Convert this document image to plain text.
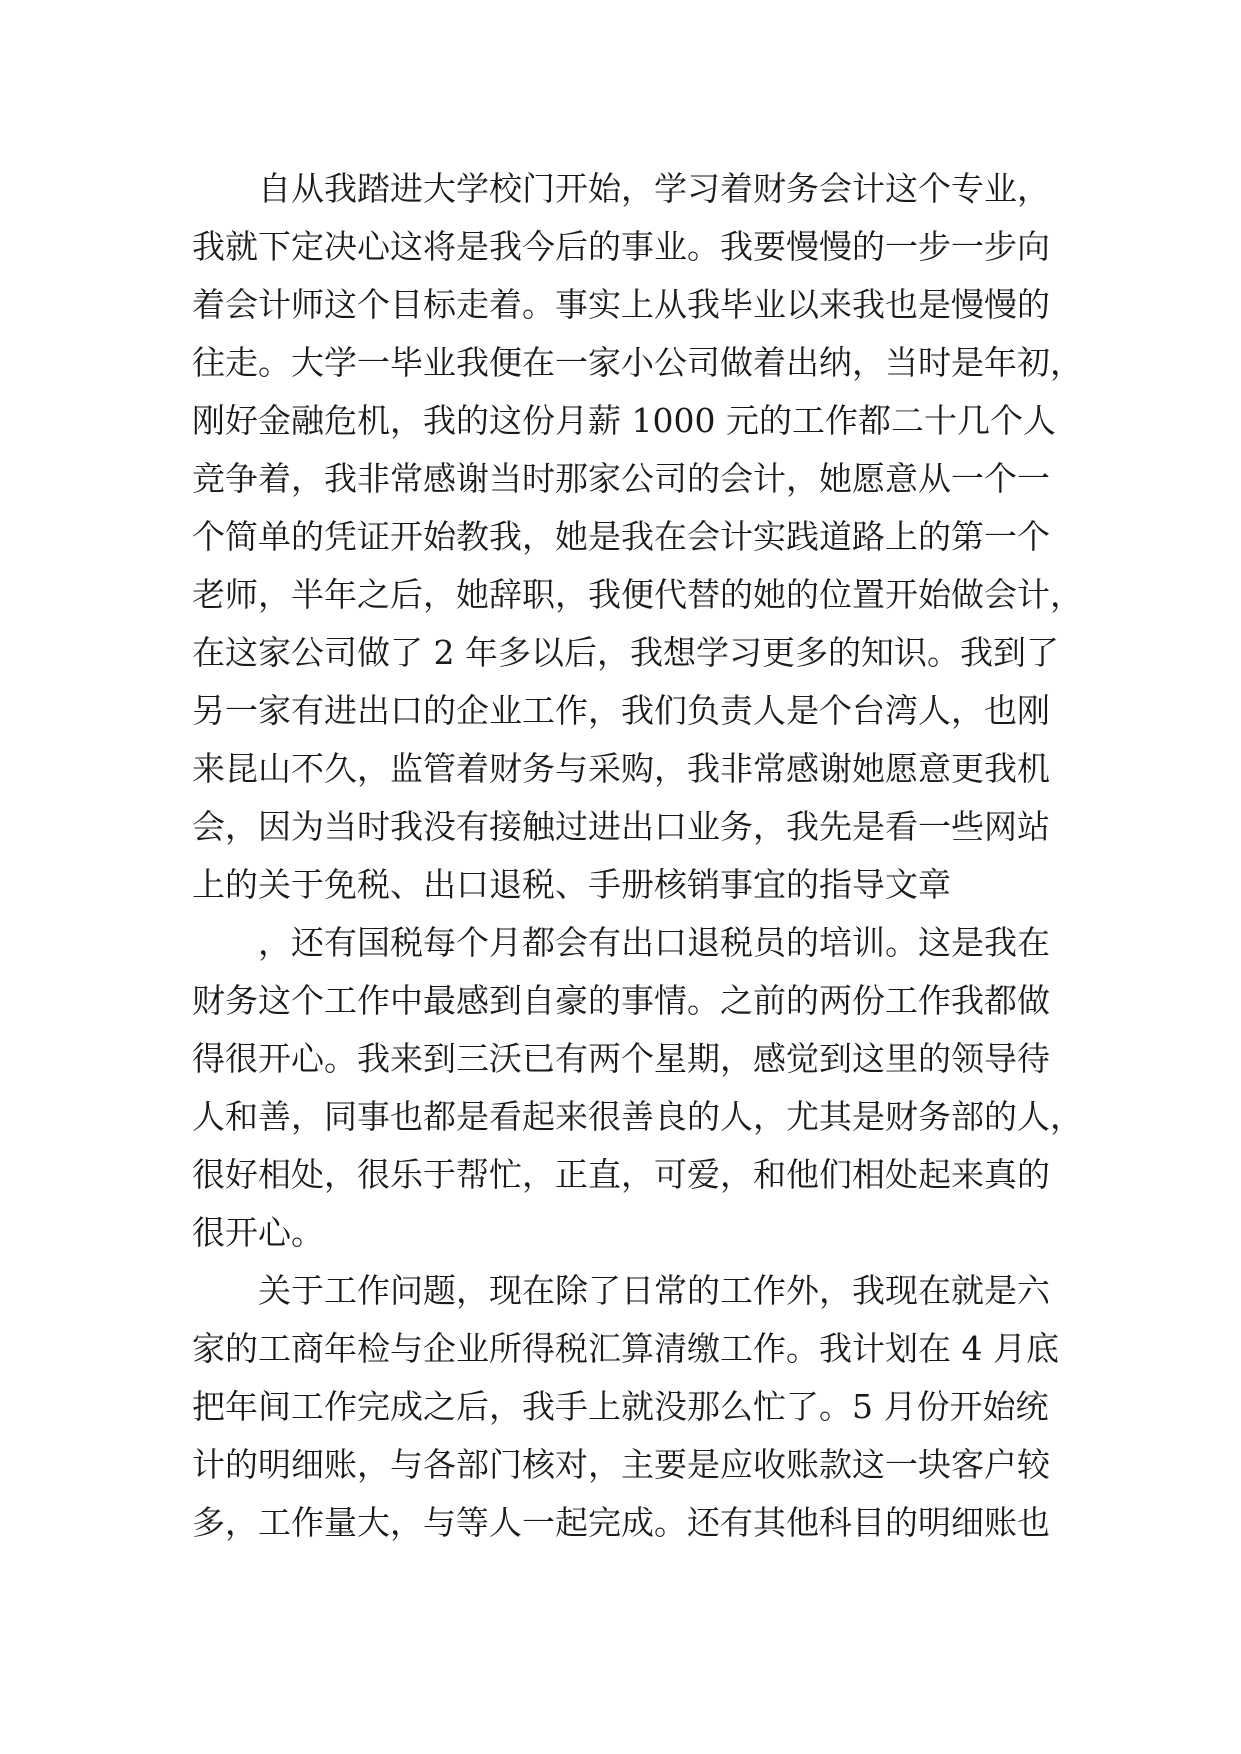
自从我踏进大学校门开始，学习着财务会计这个专业，
我就下定决心这将是我今后的事业。我要慢慢的一步一步向
着会计师这个目标走着。事实上从我毕业以来我也是慢慢的
往走。大学一毕业我便在一家小公司做着出纳，当时是年初，
刚好金融危机，我的这份月薪 1000 元的工作都二十几个人
竞争着，我非常感谢当时那家公司的会计，她愿意从一个一
个简单的凭证开始教我，她是我在会计实践道路上的第一个
老师，半年之后，她辞职，我便代替的她的位置开始做会计，
在这家公司做了 2 年多以后，我想学习更多的知识。我到了
另一家有进出口的企业工作，我们负责人是个台湾人，也刚
来昆山不久，监管着财务与采购，我非常感谢她愿意更我机
会，因为当时我没有接触过进出口业务，我先是看一些网站
上的关于免税、出口退税、手册核销事宜的指导文章
，还有国税每个月都会有出口退税员的培训。这是我在
财务这个工作中最感到自豪的事情。之前的两份工作我都做
得很开心。我来到三沃已有两个星期，感觉到这里的领导待
人和善，同事也都是看起来很善良的人，尤其是财务部的人，
很好相处，很乐于帮忙，正直，可爱，和他们相处起来真的
很开心。
关于工作问题，现在除了日常的工作外，我现在就是六
家的工商年检与企业所得税汇算清缴工作。我计划在 4 月底
把年间工作完成之后，我手上就没那么忙了。5 月份开始统
计的明细账，与各部门核对，主要是应收账款这一块客户较
多，工作量大，与等人一起完成。还有其他科目的明细账也
